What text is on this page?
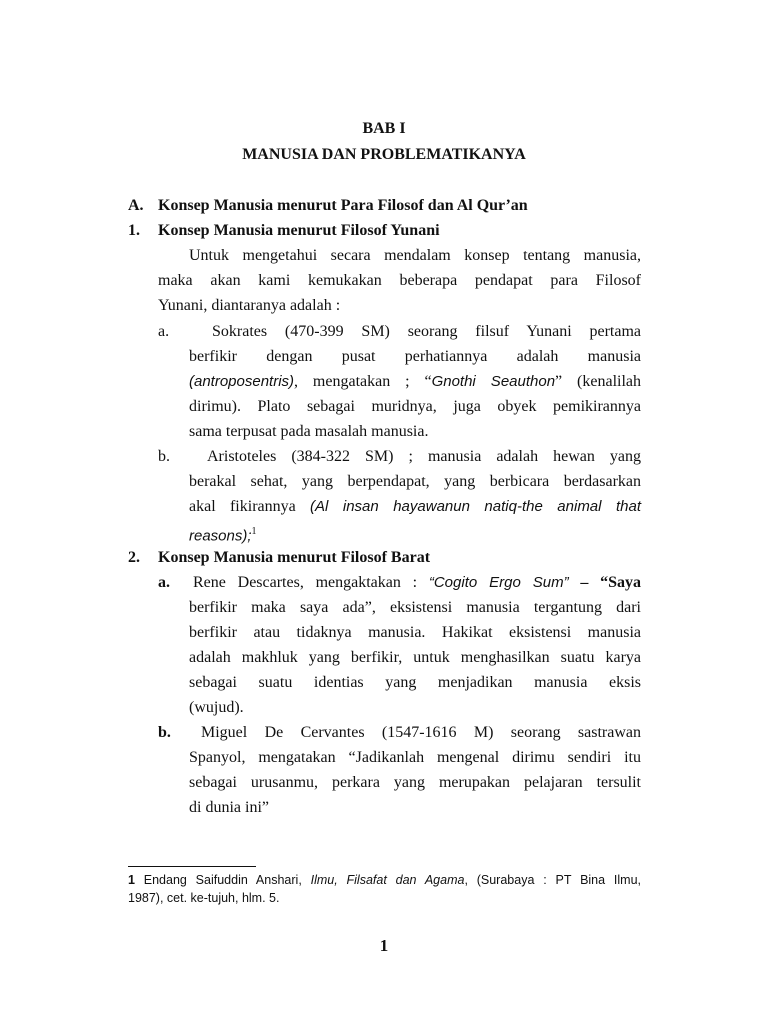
BAB I
MANUSIA DAN PROBLEMATIKANYA
A. Konsep Manusia menurut Para Filosof dan Al Qur’an
1. Konsep Manusia menurut Filosof Yunani
Untuk mengetahui secara mendalam konsep tentang manusia,
maka akan kami kemukakan beberapa pendapat para Filosof
Yunani, diantaranya adalah :
a.	Sokrates (470-399 SM) seorang filsuf Yunani pertama
berfikir dengan pusat perhatiannya adalah manusia
(antroposentris), mengatakan ; “Gnothi Seauthon” (kenalilah
dirimu). Plato sebagai muridnya, juga obyek pemikirannya
sama terpusat pada masalah manusia.
b. Aristoteles (384-322 SM) ; manusia adalah hewan yang
berakal sehat, yang berpendapat, yang berbicara berdasarkan
akal fikirannya (Al insan hayawanun natiq-the animal that
reasons);$^1$
2. Konsep Manusia menurut Filosof Barat
a. Rene Descartes, mengaktakan : “Cogito Ergo Sum” – “Saya
berfikir maka saya ada”, eksistensi manusia tergantung dari
berfikir atau tidaknya manusia. Hakikat eksistensi manusia
adalah makhluk yang berfikir, untuk menghasilkan suatu karya
sebagai suatu identias yang menjadikan manusia eksis
(wujud).
b. Miguel De Cervantes (1547-1616 M) seorang sastrawan
Spanyol, mengatakan “Jadikanlah mengenal dirimu sendiri itu
sebagai urusanmu, perkara yang merupakan pelajaran tersulit
di dunia ini”
1 Endang Saifuddin Anshari, Ilmu, Filsafat dan Agama, (Surabaya : PT Bina Ilmu,
1987), cet. ke-tujuh, hlm. 5.
1
